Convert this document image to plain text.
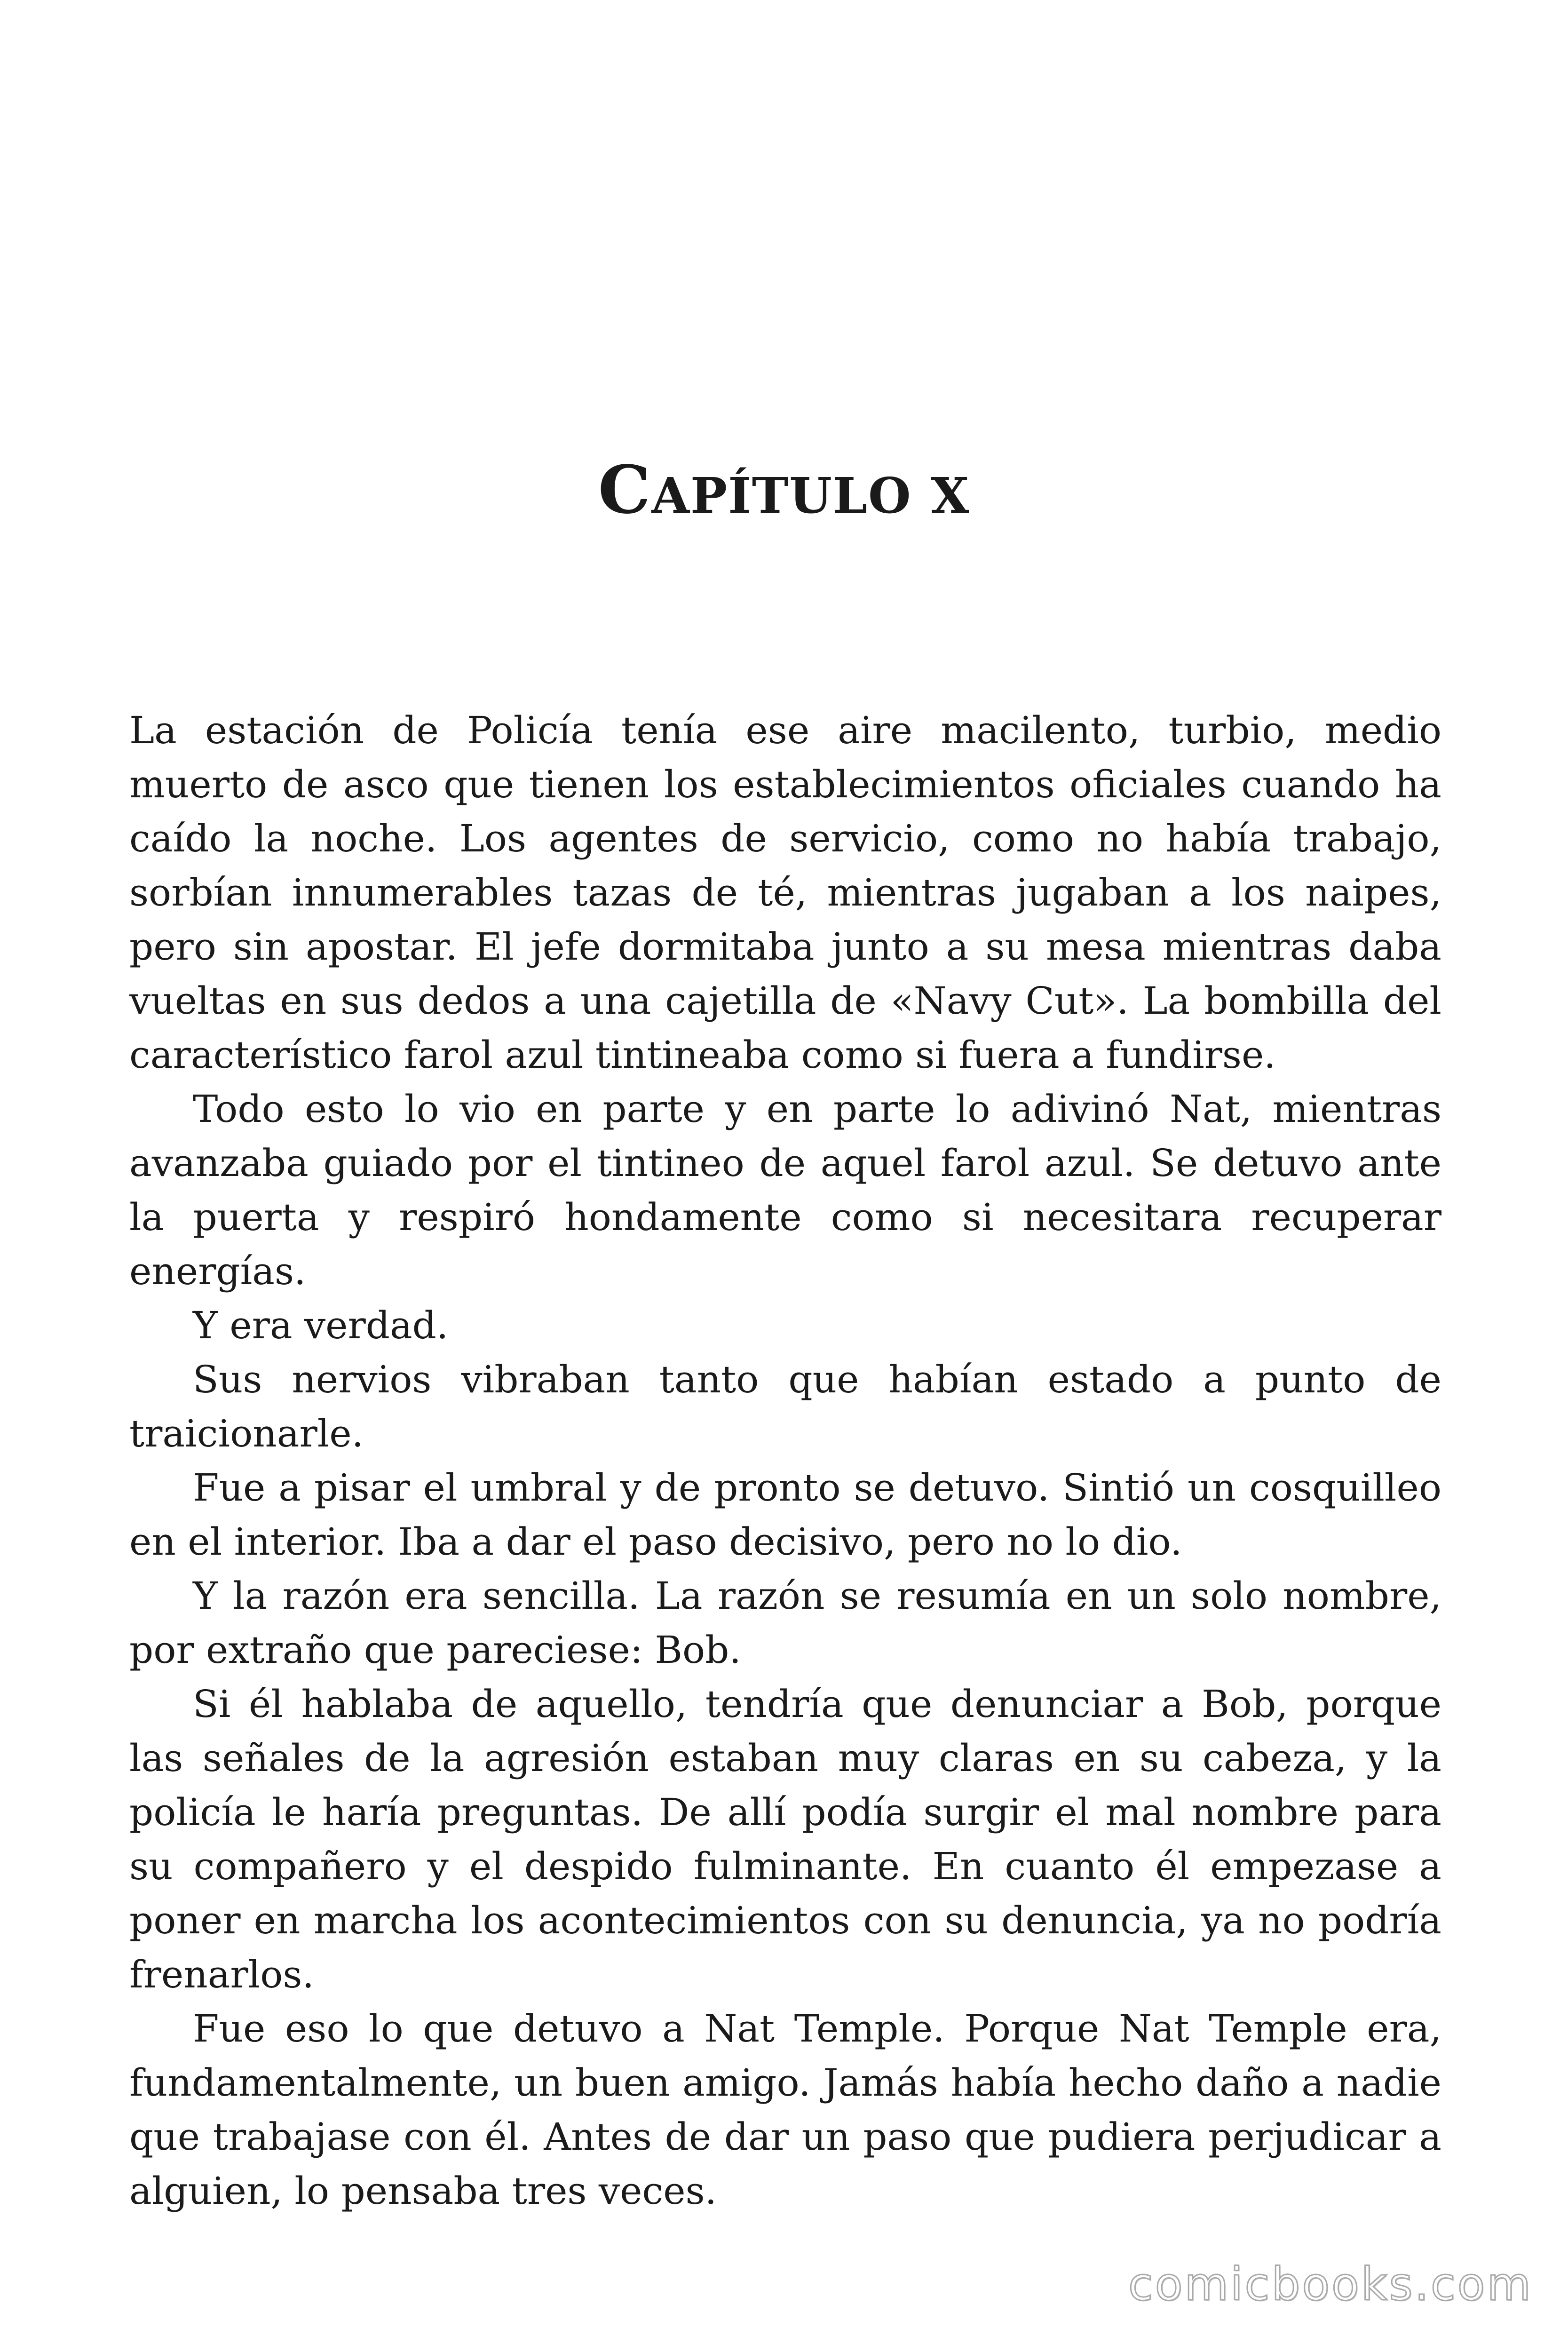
CAPÍTULO X

La estación de Policía tenía ese aire macilento, turbio, medio muerto de asco que tienen los establecimientos oficiales cuando ha caído la noche. Los agentes de servicio, como no había trabajo, sorbían innumerables tazas de té, mientras jugaban a los naipes, pero sin apostar. El jefe dormitaba junto a su mesa mientras daba vueltas en sus dedos a una cajetilla de «Navy Cut». La bombilla del característico farol azul tintineaba como si fuera a fundirse.

Todo esto lo vio en parte y en parte lo adivinó Nat, mientras avanzaba guiado por el tintineo de aquel farol azul. Se detuvo ante la puerta y respiró hondamente como si necesitara recuperar energías.

Y era verdad.

Sus nervios vibraban tanto que habían estado a punto de traicionarle.

Fue a pisar el umbral y de pronto se detuvo. Sintió un cosquilleo en el interior. Iba a dar el paso decisivo, pero no lo dio.

Y la razón era sencilla. La razón se resumía en un solo nombre, por extraño que pareciese: Bob.

Si él hablaba de aquello, tendría que denunciar a Bob, porque las señales de la agresión estaban muy claras en su cabeza, y la policía le haría preguntas. De allí podía surgir el mal nombre para su compañero y el despido fulminante. En cuanto él empezase a poner en marcha los acontecimientos con su denuncia, ya no podría frenarlos.

Fue eso lo que detuvo a Nat Temple. Porque Nat Temple era, fundamentalmente, un buen amigo. Jamás había hecho daño a nadie que trabajase con él. Antes de dar un paso que pudiera perjudicar a alguien, lo pensaba tres veces.

comicbooks.com
